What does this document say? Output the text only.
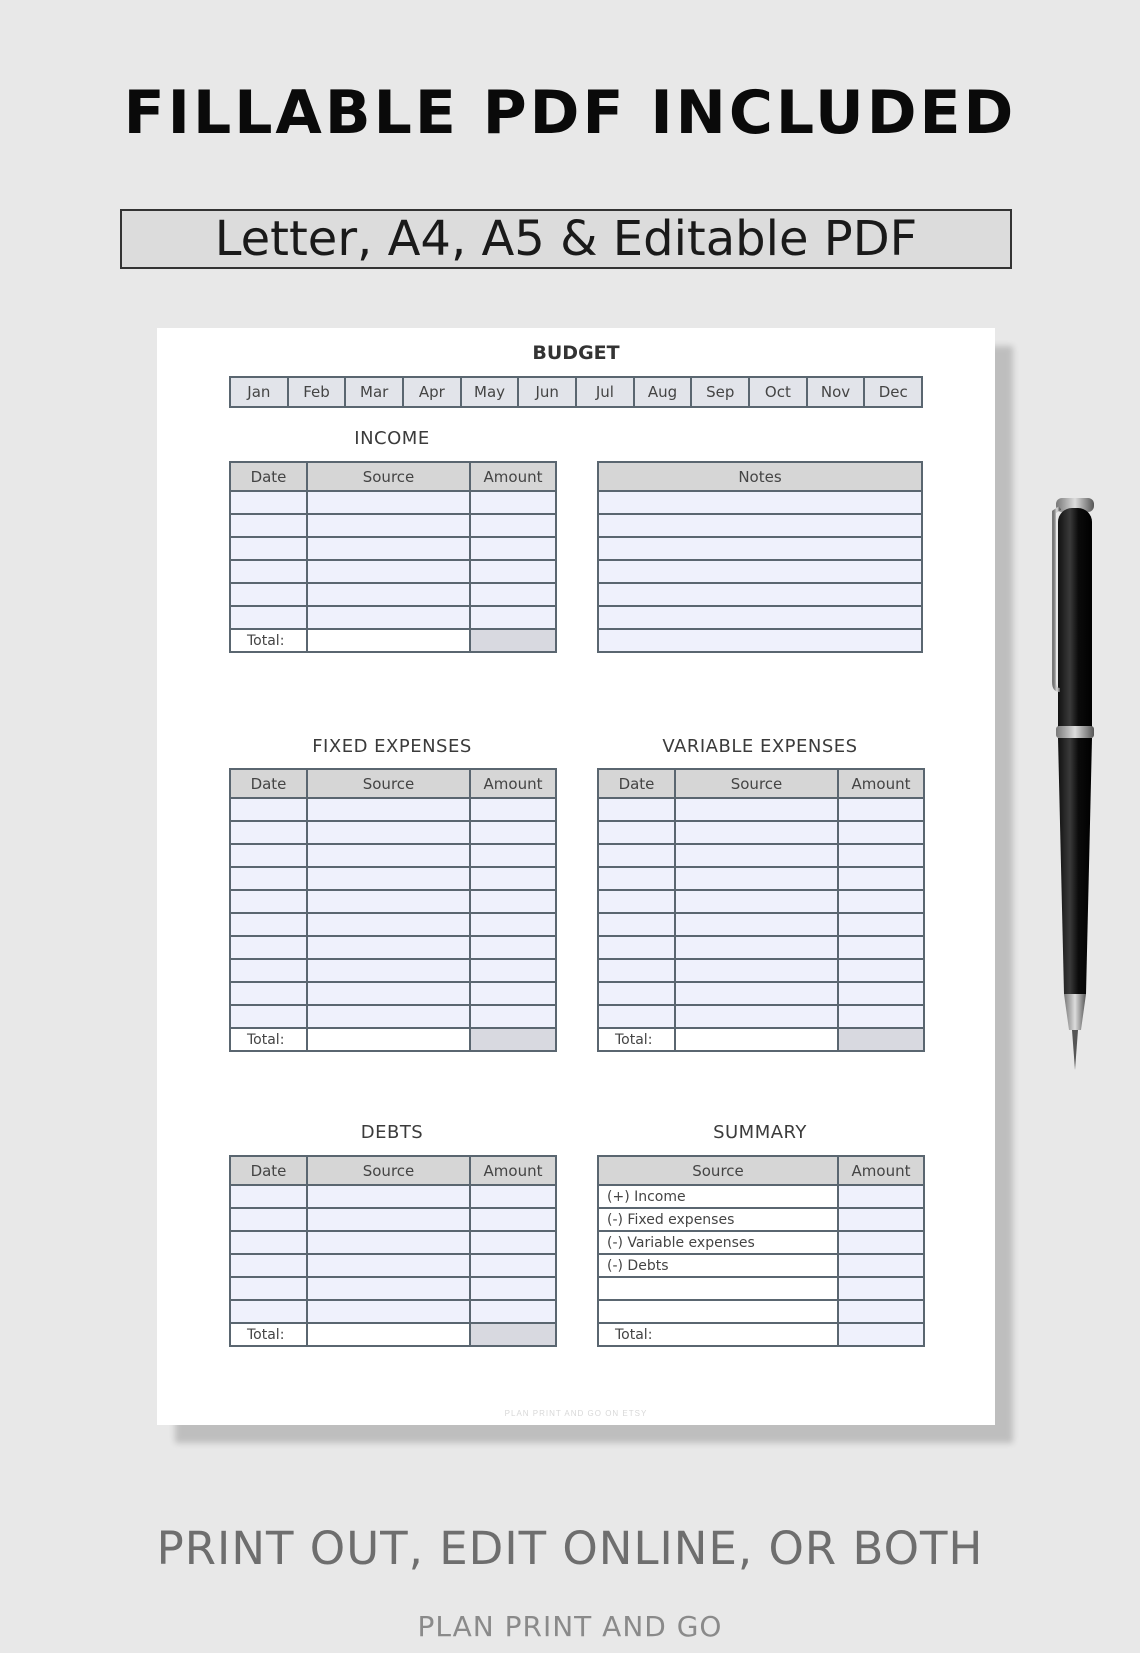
FILLABLE PDF INCLUDED
Letter, A4, A5 & Editable PDF
BUDGET
Jan	Feb	Mar	Apr	May	Jun	Jul	Aug	Sep	Oct	Nov	Dec
INCOME
Date	Source	Amount

Total:		
Notes

FIXED EXPENSES
Date	Source	Amount

Total:		
VARIABLE EXPENSES
Date	Source	Amount

Total:		
DEBTS
Date	Source	Amount

Total:		
SUMMARY
Source	Amount
(+) Income	
(-) Fixed expenses	
(-) Variable expenses	
(-) Debts	

Total:	
PLAN PRINT AND GO ON ETSY
PRINT OUT, EDIT ONLINE, OR BOTH
PLAN PRINT AND GO
